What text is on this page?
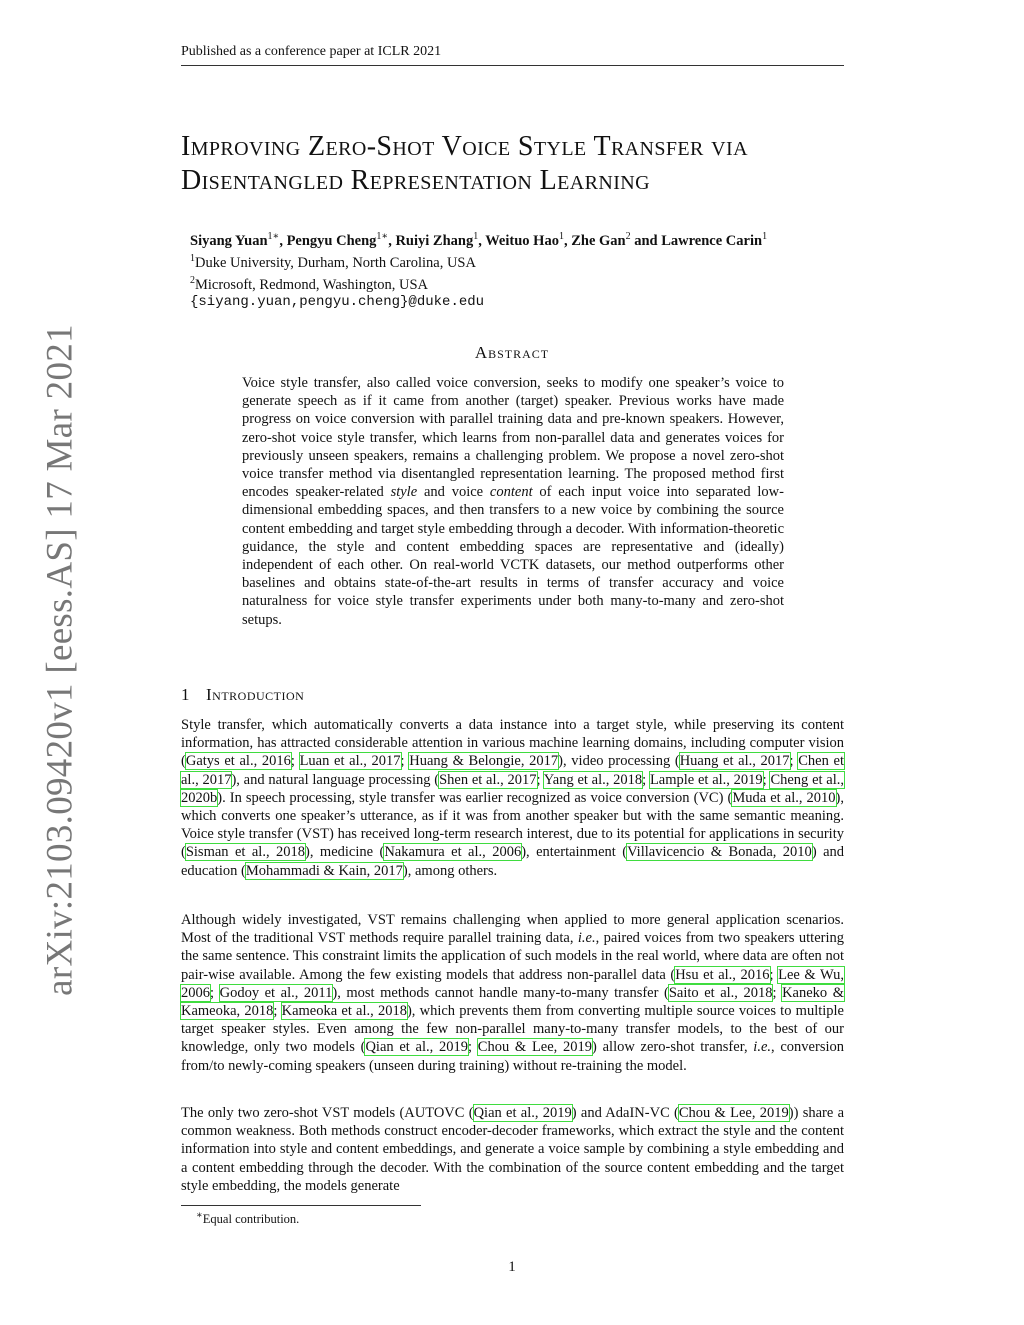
Published as a conference paper at ICLR 2021
arXiv:2103.09420v1 [eess.AS] 17 Mar 2021
Improving Zero-Shot Voice Style Transfer via
Disentangled Representation Learning
Siyang Yuan$^{1∗}$, Pengyu Cheng$^{1∗}$, Ruiyi Zhang$^1$, Weituo Hao$^1$, Zhe Gan$^2$ and Lawrence Carin$^1$
$^1$Duke University, Durham, North Carolina, USA
$^2$Microsoft, Redmond, Washington, USA
{siyang.yuan,pengyu.cheng}@duke.edu
Abstract
Voice style transfer, also called voice conversion, seeks to modify one speaker’s voice to generate speech as if it came from another (target) speaker. Previous works have made progress on voice conversion with parallel training data and pre-known speakers. However, zero-shot voice style transfer, which learns from non-parallel data and generates voices for previously unseen speakers, remains a challenging problem. We propose a novel zero-shot voice transfer method via disentangled representation learning. The proposed method first encodes speaker-related style and voice content of each input voice into separated low-dimensional embedding spaces, and then transfers to a new voice by combining the source content embedding and target style embedding through a decoder. With information-theoretic guidance, the style and content embedding spaces are representative and (ideally) independent of each other. On real-world VCTK datasets, our method outperforms other baselines and obtains state-of-the-art results in terms of transfer accuracy and voice naturalness for voice style transfer experiments under both many-to-many and zero-shot setups.
1 Introduction

Style transfer, which automatically converts a data instance into a target style, while preserving its content information, has attracted considerable attention in various machine learning domains, including computer vision (Gatys et al., 2016; Luan et al., 2017; Huang & Belongie, 2017), video processing (Huang et al., 2017; Chen et al., 2017), and natural language processing (Shen et al., 2017; Yang et al., 2018; Lample et al., 2019; Cheng et al., 2020b). In speech processing, style transfer was earlier recognized as voice conversion (VC) (Muda et al., 2010), which converts one speaker’s utterance, as if it was from another speaker but with the same semantic meaning. Voice style transfer (VST) has received long-term research interest, due to its potential for applications in security (Sisman et al., 2018), medicine (Nakamura et al., 2006), entertainment (Villavicencio & Bonada, 2010) and education (Mohammadi & Kain, 2017), among others.

Although widely investigated, VST remains challenging when applied to more general application scenarios. Most of the traditional VST methods require parallel training data, i.e., paired voices from two speakers uttering the same sentence. This constraint limits the application of such models in the real world, where data are often not pair-wise available. Among the few existing models that address non-parallel data (Hsu et al., 2016; Lee & Wu, 2006; Godoy et al., 2011), most methods cannot handle many-to-many transfer (Saito et al., 2018; Kaneko & Kameoka, 2018; Kameoka et al., 2018), which prevents them from converting multiple source voices to multiple target speaker styles. Even among the few non-parallel many-to-many transfer models, to the best of our knowledge, only two models (Qian et al., 2019; Chou & Lee, 2019) allow zero-shot transfer, i.e., conversion from/to newly-coming speakers (unseen during training) without re-training the model.

The only two zero-shot VST models (AUTOVC (Qian et al., 2019) and AdaIN-VC (Chou & Lee, 2019)) share a common weakness. Both methods construct encoder-decoder frameworks, which extract the style and the content information into style and content embeddings, and generate a voice sample by combining a style embedding and a content embedding through the decoder. With the combination of the source content embedding and the target style embedding, the models generate

∗Equal contribution.
1
